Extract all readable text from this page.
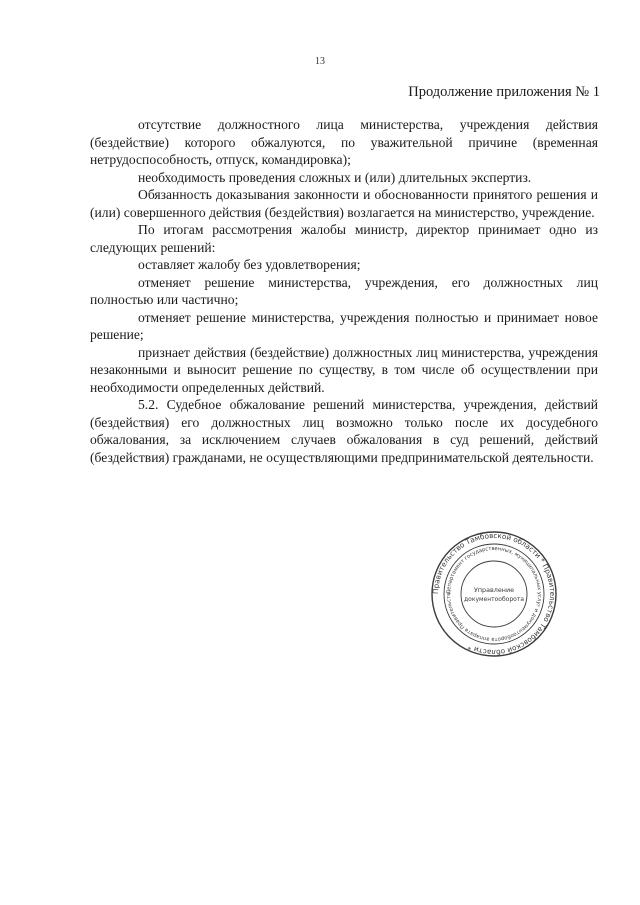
13
Продолжение приложения № 1

отсутствие должностного лица министерства, учреждения действия (бездействие) которого обжалуются, по уважительной причине (временная нетрудоспособность, отпуск, командировка);

необходимость проведения сложных и (или) длительных экспертиз.

Обязанность доказывания законности и обоснованности принятого решения и (или) совершенного действия (бездействия) возлагается на министерство, учреждение.

По итогам рассмотрения жалобы министр, директор принимает одно из следующих решений:

оставляет жалобу без удовлетворения;

отменяет решение министерства, учреждения, его должностных лиц полностью или частично;

отменяет решение министерства, учреждения полностью и принимает новое решение;

признает действия (бездействие) должностных лиц министерства, учреждения незаконными и выносит решение по существу, в том числе об осуществлении при необходимости определенных действий.

5.2. Судебное обжалование решений министерства, учреждения, действий (бездействия) его должностных лиц возможно только после их досудебного обжалования, за исключением случаев обжалования в суд решений, действий (бездействия) гражданами, не осуществляющими предпринимательской деятельности.

Правительство Тамбовской области * Правительство Тамбовской области *
Департамент государственных, муниципальных услуг и документооборота аппарата Правительств
Управление
документооборота
